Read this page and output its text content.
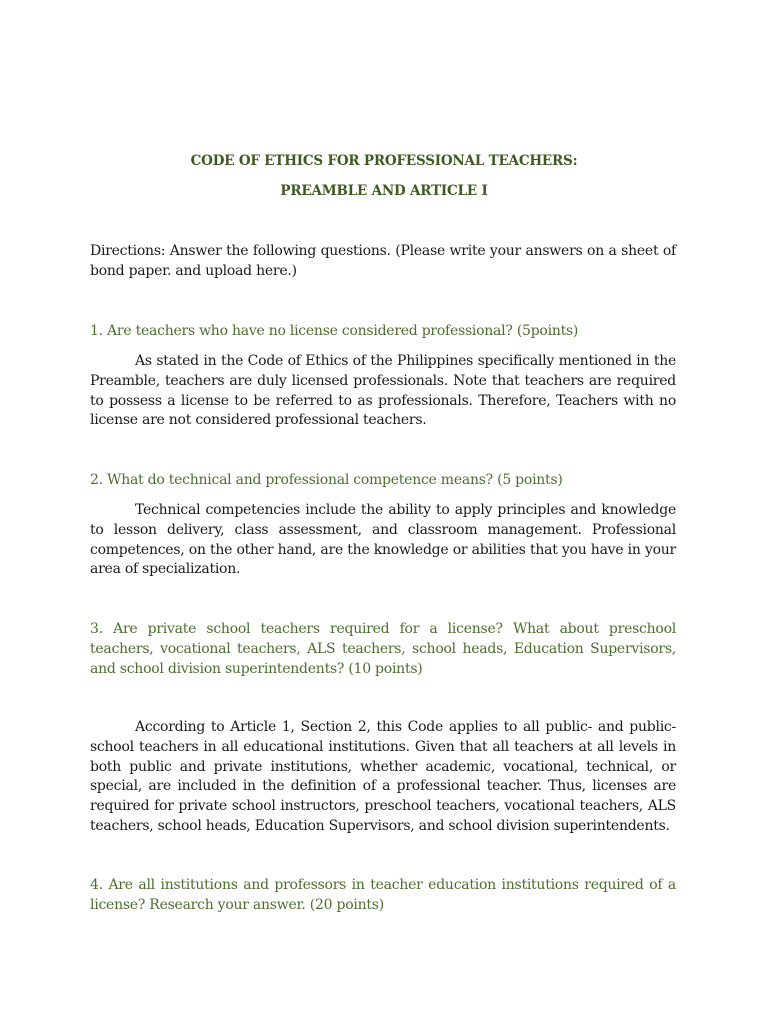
CODE OF ETHICS FOR PROFESSIONAL TEACHERS:
PREAMBLE AND ARTICLE I
Directions: Answer the following questions. (Please write your answers on a sheet of bond paper. and upload here.)
1. Are teachers who have no license considered professional? (5points)
As stated in the Code of Ethics of the Philippines specifically mentioned in the Preamble, teachers are duly licensed professionals. Note that teachers are required to possess a license to be referred to as professionals. Therefore, Teachers with no license are not considered professional teachers.
2. What do technical and professional competence means? (5 points)
Technical competencies include the ability to apply principles and knowledge to lesson delivery, class assessment, and classroom management. Professional competences, on the other hand, are the knowledge or abilities that you have in your area of specialization.
3. Are private school teachers required for a license? What about preschool teachers, vocational teachers, ALS teachers, school heads, Education Supervisors, and school division superintendents? (10 points)
According to Article 1, Section 2, this Code applies to all public- and public-school teachers in all educational institutions. Given that all teachers at all levels in both public and private institutions, whether academic, vocational, technical, or special, are included in the definition of a professional teacher. Thus, licenses are required for private school instructors, preschool teachers, vocational teachers, ALS teachers, school heads, Education Supervisors, and school division superintendents.
4. Are all institutions and professors in teacher education institutions required of a license? Research your answer. (20 points)
